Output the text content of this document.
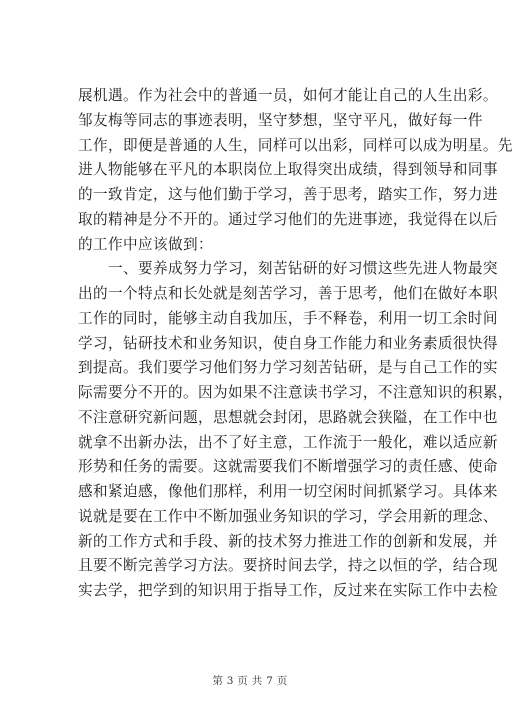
展机遇。作为社会中的普通一员，如何才能让自己的人生出彩。
邹友梅等同志的事迹表明，坚守梦想，坚守平凡，做好每一件
工作，即便是普通的人生，同样可以出彩，同样可以成为明星。先
进人物能够在平凡的本职岗位上取得突出成绩，得到领导和同事
的一致肯定，这与他们勤于学习，善于思考，踏实工作，努力进
取的精神是分不开的。通过学习他们的先进事迹，我觉得在以后
的工作中应该做到：
　　一、要养成努力学习，刻苦钻研的好习惯这些先进人物最突
出的一个特点和长处就是刻苦学习，善于思考，他们在做好本职
工作的同时，能够主动自我加压，手不释卷，利用一切工余时间
学习，钻研技术和业务知识，使自身工作能力和业务素质很快得
到提高。我们要学习他们努力学习刻苦钻研，是与自己工作的实
际需要分不开的。因为如果不注意读书学习，不注意知识的积累，
不注意研究新问题，思想就会封闭，思路就会狭隘，在工作中也
就拿不出新办法，出不了好主意，工作流于一般化，难以适应新
形势和任务的需要。这就需要我们不断增强学习的责任感、使命
感和紧迫感，像他们那样，利用一切空闲时间抓紧学习。具体来
说就是要在工作中不断加强业务知识的学习，学会用新的理念、
新的工作方式和手段、新的技术努力推进工作的创新和发展，并
且要不断完善学习方法。要挤时间去学，持之以恒的学，结合现
实去学，把学到的知识用于指导工作，反过来在实际工作中去检
第 3 页 共 7 页
